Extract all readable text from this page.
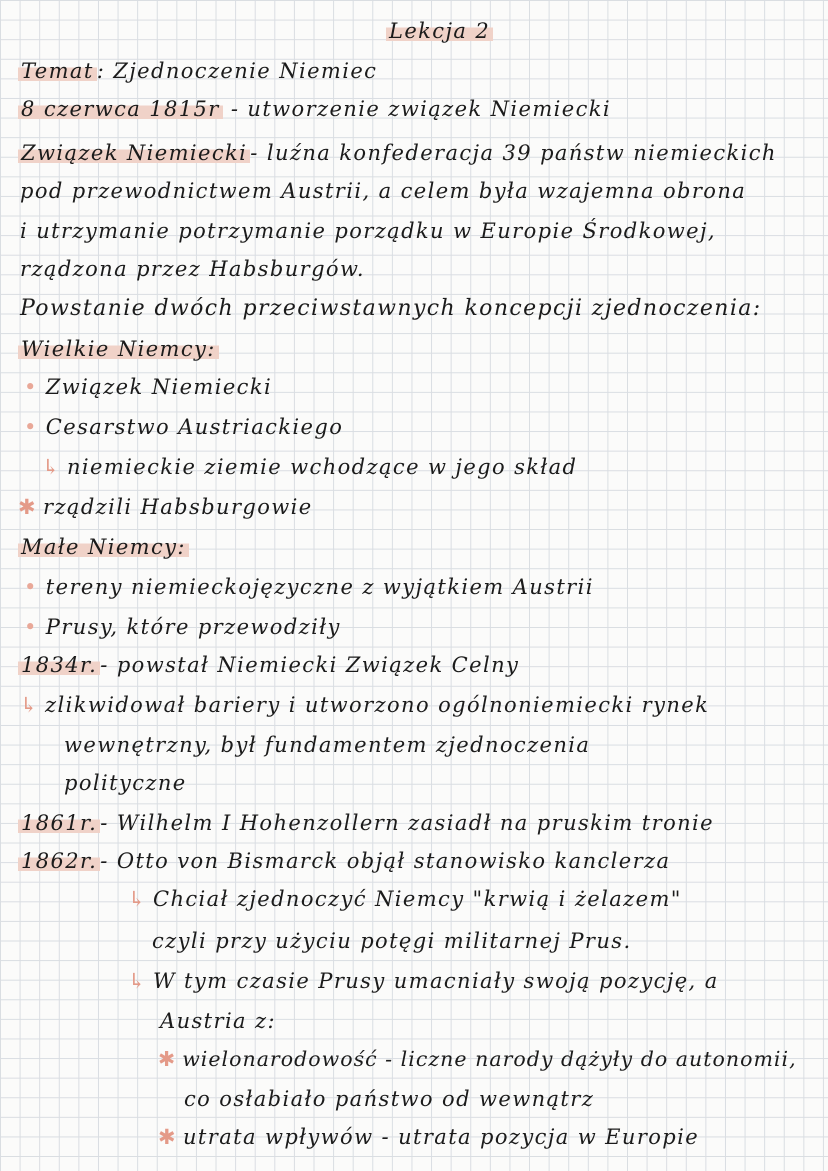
Lekcja 2
Temat : Zjednoczenie Niemiec
8 czerwca 1815r - utworzenie związek Niemiecki
Związek Niemiecki - luźna konfederacja 39 państw niemieckich
pod przewodnictwem Austrii, a celem była wzajemna obrona
i utrzymanie potrzymanie porządku w Europie Środkowej,
rządzona przez Habsburgów.
Powstanie dwóch przeciwstawnych koncepcji zjednoczenia:
Wielkie Niemcy:
• Związek Niemiecki
• Cesarstwo Austriackiego
↳ niemieckie ziemie wchodzące w jego skład
✱ rządzili Habsburgowie
Małe Niemcy:
• tereny niemieckojęzyczne z wyjątkiem Austrii
• Prusy, które przewodziły
1834r. - powstał Niemiecki Związek Celny
↳ zlikwidował bariery i utworzono ogólnoniemiecki rynek
wewnętrzny, był fundamentem zjednoczenia
polityczne
1861r. - Wilhelm I Hohenzollern zasiadł na pruskim tronie
1862r. - Otto von Bismarck objął stanowisko kanclerza
↳ Chciał zjednoczyć Niemcy "krwią i żelazem"
czyli przy użyciu potęgi militarnej Prus.
↳ W tym czasie Prusy umacniały swoją pozycję, a
Austria z:
✱ wielonarodowość - liczne narody dążyły do autonomii,
co osłabiało państwo od wewnątrz
✱ utrata wpływów - utrata pozycja w Europie
